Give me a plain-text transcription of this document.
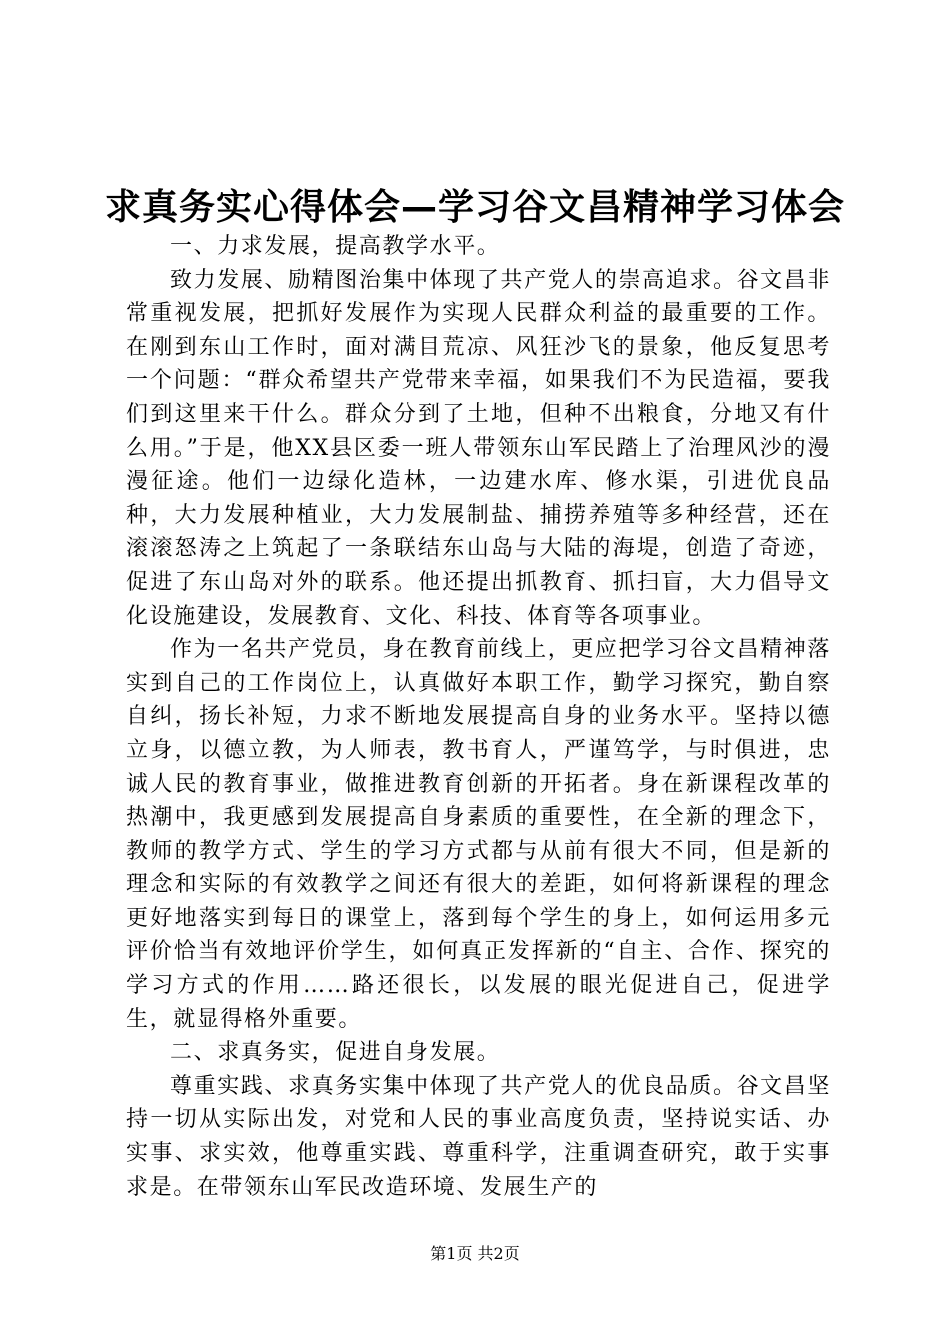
求真务实心得体会—学习谷文昌精神学习体会

一、力求发展，提高教学水平。

致力发展、励精图治集中体现了共产党人的崇高追求。谷文昌非常重视发展，把抓好发展作为实现人民群众利益的最重要的工作。在刚到东山工作时，面对满目荒凉、风狂沙飞的景象，他反复思考一个问题：“群众希望共产党带来幸福，如果我们不为民造福，要我们到这里来干什么。群众分到了土地，但种不出粮食，分地又有什么用。”于是，他XX县区委一班人带领东山军民踏上了治理风沙的漫漫征途。他们一边绿化造林，一边建水库、修水渠，引进优良品种，大力发展种植业，大力发展制盐、捕捞养殖等多种经营，还在滚滚怒涛之上筑起了一条联结东山岛与大陆的海堤，创造了奇迹，促进了东山岛对外的联系。他还提出抓教育、抓扫盲，大力倡导文化设施建设，发展教育、文化、科技、体育等各项事业。

作为一名共产党员，身在教育前线上，更应把学习谷文昌精神落实到自己的工作岗位上，认真做好本职工作，勤学习探究，勤自察自纠，扬长补短，力求不断地发展提高自身的业务水平。坚持以德立身，以德立教，为人师表，教书育人，严谨笃学，与时俱进，忠诚人民的教育事业，做推进教育创新的开拓者。身在新课程改革的热潮中，我更感到发展提高自身素质的重要性，在全新的理念下，教师的教学方式、学生的学习方式都与从前有很大不同，但是新的理念和实际的有效教学之间还有很大的差距，如何将新课程的理念更好地落实到每日的课堂上，落到每个学生的身上，如何运用多元评价恰当有效地评价学生，如何真正发挥新的“自主、合作、探究的学习方式的作用……路还很长，以发展的眼光促进自己，促进学生，就显得格外重要。

二、求真务实，促进自身发展。

尊重实践、求真务实集中体现了共产党人的优良品质。谷文昌坚持一切从实际出发，对党和人民的事业高度负责，坚持说实话、办实事、求实效，他尊重实践、尊重科学，注重调查研究，敢于实事求是。在带领东山军民改造环境、发展生产的

第1页 共2页
